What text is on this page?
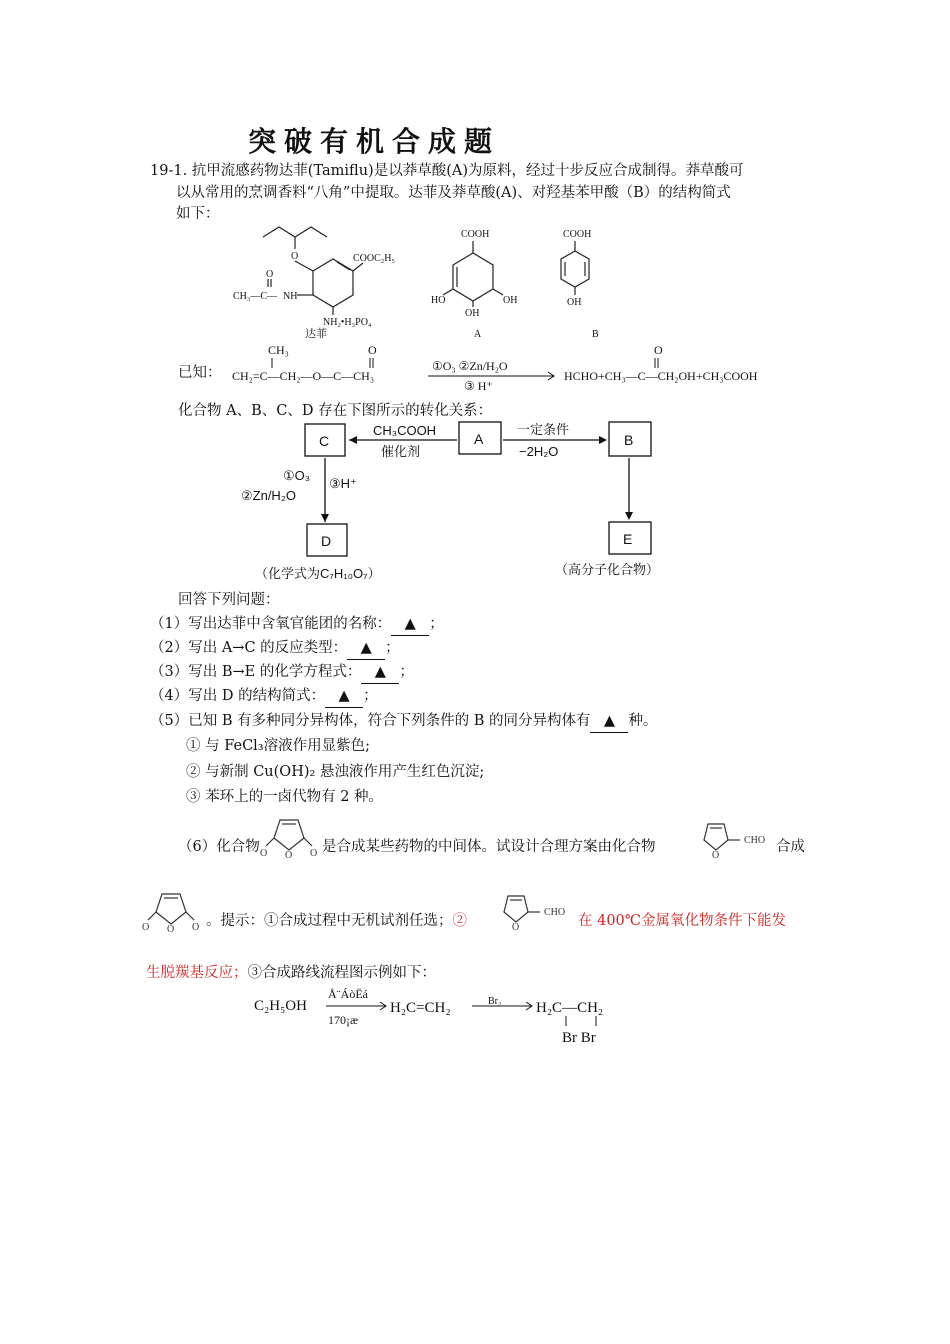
突破有机合成题
19-1. 抗甲流感药物达菲(Tamiflu)是以莽草酸(A)为原料，经过十步反应合成制得。莽草酸可
以从常用的烹调香料“八角”中提取。达菲及莽草酸(A)、对羟基苯甲酸（B）的结构简式
如下：
O	COOC₂H₅
O
CH₃—C— NH
NH₂•H₃PO₄
达菲
COOH
HO	OH
OH
A
COOH
OH
B
已知：
CH₃	O
CH₂=C—CH₂—O—C—CH₃
①O₃ ②Zn/H₂O
③ H⁺
O
HCHO+CH₃—C—CH₂OH+CH₃COOH
化合物 A、B、C、D 存在下图所示的转化关系：
C	A	B
D	E
CH₃COOH
催化剂
一定条件
−2H₂O
①O₃
②Zn/H₂O
③H⁺
（化学式为C₇H₁₀O₇）	（高分子化合物）
回答下列问题：
（1）写出达菲中含氧官能团的名称： ▲ ；
（2）写出 A→C 的反应类型： ▲ ；
（3）写出 B→E 的化学方程式： ▲ ；
（4）写出 D 的结构简式： ▲ ；
（5）已知 B 有多种同分异构体，符合下列条件的 B 的同分异构体有 ▲ 种。
① 与 FeCl₃溶液作用显紫色;
② 与新制 Cu(OH)₂ 悬浊液作用产生红色沉淀;
③ 苯环上的一卤代物有 2 种。
（6）化合物 O O O 是合成某些药物的中间体。试设计合理方案由化合物
O
CHO 合成
O O O 。提示：①合成过程中无机试剂任选；②	O
CHO
在 400℃金属氧化物条件下能发
生脱羰基反应；③合成路线流程图示例如下：
C₂H₅OH	H₂C=CH₂	H₂C—CH₂
Br Br
Å¨ÁòËá
170¡æ
Br₂
